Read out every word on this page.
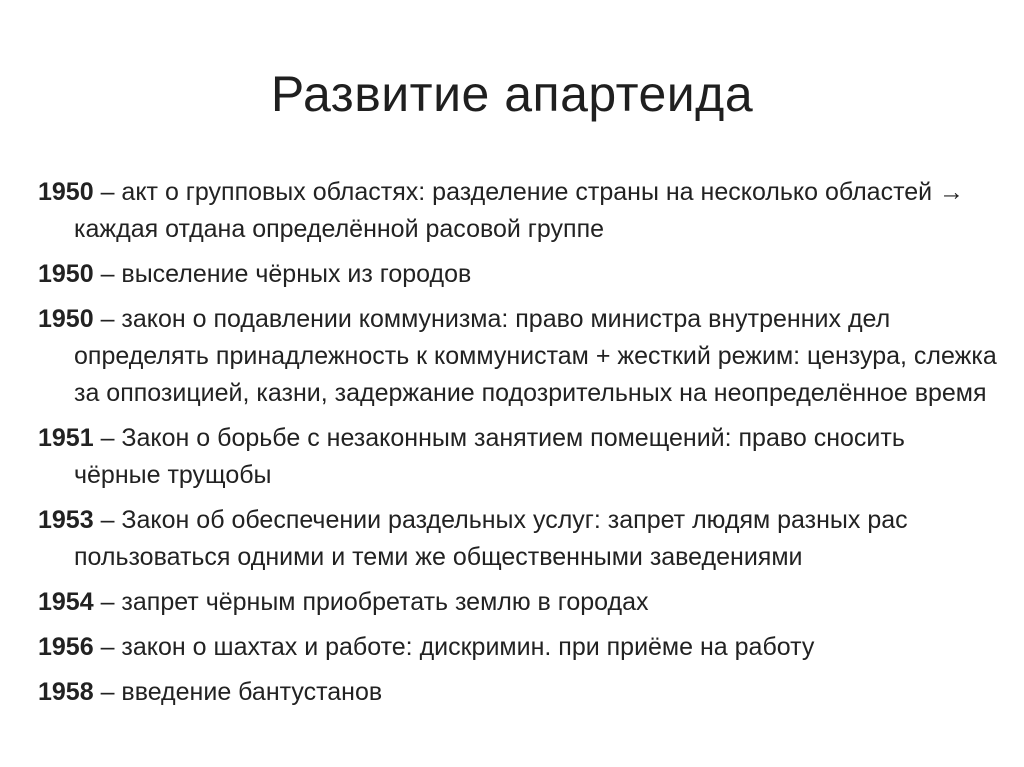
Развитие апартеида
1950 – акт о групповых областях: разделение страны на несколько областей → каждая отдана определённой расовой группе
1950 – выселение чёрных из городов
1950 – закон о подавлении коммунизма: право министра внутренних дел определять принадлежность к коммунистам + жесткий режим: цензура, слежка за оппозицией, казни, задержание подозрительных на неопределённое время
1951 – Закон о борьбе с незаконным занятием помещений: право сносить чёрные трущобы
1953 – Закон об обеспечении раздельных услуг: запрет людям разных рас пользоваться одними и теми же общественными заведениями
1954 – запрет чёрным приобретать землю в городах
1956 – закон о шахтах и работе: дискримин. при приёме на работу
1958 – введение бантустанов
